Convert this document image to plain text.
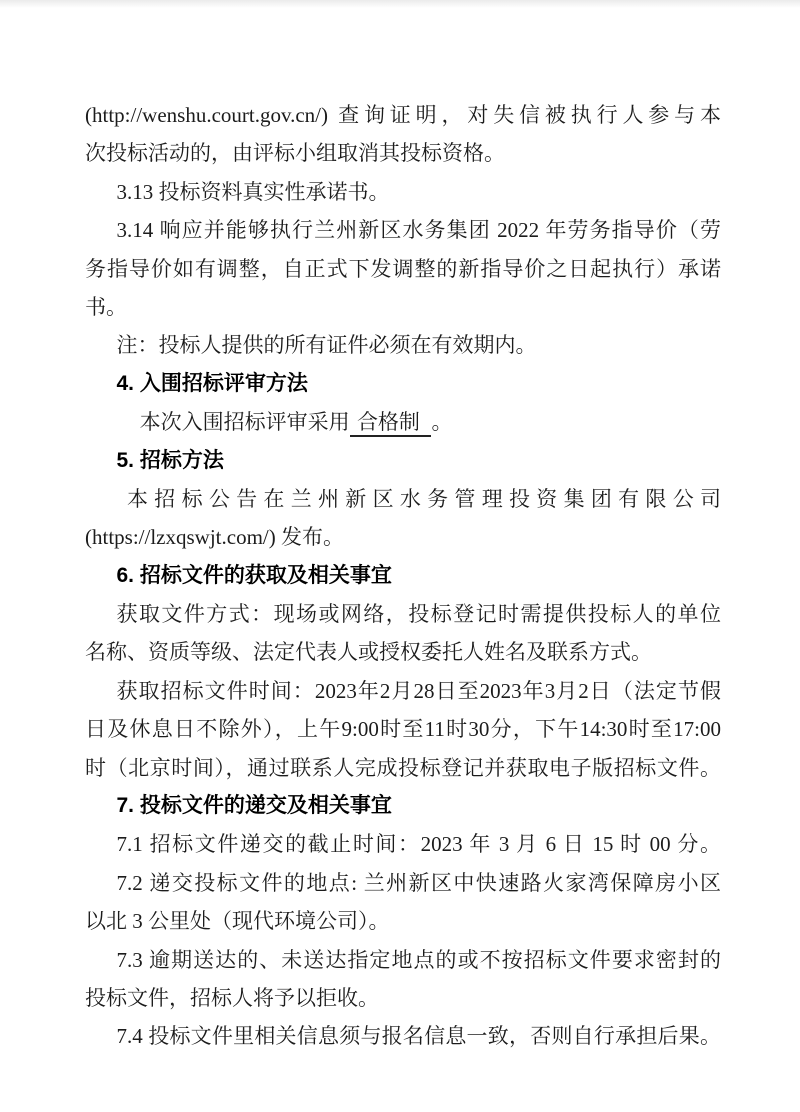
(http://wenshu.court.gov.cn/) 查询证明，对失信被执行人参与本
次投标活动的，由评标小组取消其投标资格。
3.13 投标资料真实性承诺书。
3.14 响应并能够执行兰州新区水务集团 2022 年劳务指导价（劳
务指导价如有调整，自正式下发调整的新指导价之日起执行）承诺
书。
注：投标人提供的所有证件必须在有效期内。
4. 入围招标评审方法
本次入围招标评审采用 合格制 。
5. 招标方法
本招标公告在兰州新区水务管理投资集团有限公司
(https://lzxqswjt.com/) 发布。
6. 招标文件的获取及相关事宜
获取文件方式：现场或网络，投标登记时需提供投标人的单位
名称、资质等级、法定代表人或授权委托人姓名及联系方式。
获取招标文件时间：2023年2月28日至2023年3月2日（法定节假
日及休息日不除外），上午9:00时至11时30分，下午14:30时至17:00
时（北京时间），通过联系人完成投标登记并获取电子版招标文件。
7. 投标文件的递交及相关事宜
7.1 招标文件递交的截止时间：2023 年 3 月 6 日 15 时 00 分。
7.2 递交投标文件的地点: 兰州新区中快速路火家湾保障房小区
以北 3 公里处（现代环境公司）。
7.3 逾期送达的、未送达指定地点的或不按招标文件要求密封的
投标文件，招标人将予以拒收。
7.4 投标文件里相关信息须与报名信息一致，否则自行承担后果。
